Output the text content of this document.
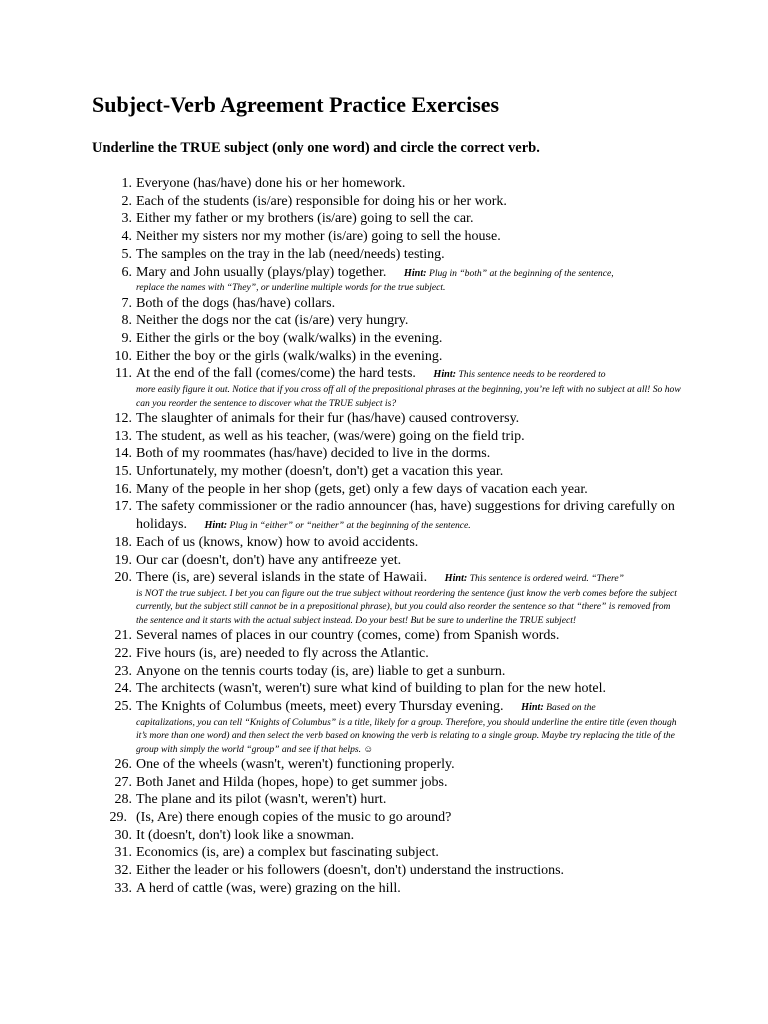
Subject-Verb Agreement Practice Exercises
Underline the TRUE subject (only one word) and circle the correct verb.
1. Everyone (has/have) done his or her homework.
2. Each of the students (is/are) responsible for doing his or her work.
3. Either my father or my brothers (is/are) going to sell the car.
4. Neither my sisters nor my mother (is/are) going to sell the house.
5. The samples on the tray in the lab (need/needs) testing.
6. Mary and John usually (plays/play) together. Hint: Plug in “both” at the beginning of the sentence,
replace the names with “They”, or underline multiple words for the true subject.
7. Both of the dogs (has/have) collars.
8. Neither the dogs nor the cat (is/are) very hungry.
9. Either the girls or the boy (walk/walks) in the evening.
10. Either the boy or the girls (walk/walks) in the evening.
11. At the end of the fall (comes/come) the hard tests. Hint: This sentence needs to be reordered to
more easily figure it out. Notice that if you cross off all of the prepositional phrases at the beginning, you’re left with no subject at all! So how can you reorder the sentence to discover what the TRUE subject is?
12. The slaughter of animals for their fur (has/have) caused controversy.
13. The student, as well as his teacher, (was/were) going on the field trip.
14. Both of my roommates (has/have) decided to live in the dorms.
15. Unfortunately, my mother (doesn't, don't) get a vacation this year.
16. Many of the people in her shop (gets, get) only a few days of vacation each year.
17. The safety commissioner or the radio announcer (has, have) suggestions for driving carefully on holidays. Hint: Plug in “either” or “neither” at the beginning of the sentence.
18. Each of us (knows, know) how to avoid accidents.
19. Our car (doesn't, don't) have any antifreeze yet.
20. There (is, are) several islands in the state of Hawaii. Hint: This sentence is ordered weird. “There”
is NOT the true subject. I bet you can figure out the true subject without reordering the sentence (just know the verb comes before the subject currently, but the subject still cannot be in a prepositional phrase), but you could also reorder the sentence so that “there” is removed from the sentence and it starts with the actual subject instead. Do your best! But be sure to underline the TRUE subject!
21. Several names of places in our country (comes, come) from Spanish words.
22. Five hours (is, are) needed to fly across the Atlantic.
23. Anyone on the tennis courts today (is, are) liable to get a sunburn.
24. The architects (wasn't, weren't) sure what kind of building to plan for the new hotel.
25. The Knights of Columbus (meets, meet) every Thursday evening. Hint: Based on the
capitalizations, you can tell “Knights of Columbus” is a title, likely for a group. Therefore, you should underline the entire title (even though it’s more than one word) and then select the verb based on knowing the verb is relating to a single group. Maybe try replacing the title of the group with simply the world “group” and see if that helps. ☺
26. One of the wheels (wasn't, weren't) functioning properly.
27. Both Janet and Hilda (hopes, hope) to get summer jobs.
28. The plane and its pilot (wasn't, weren't) hurt.
29. (Is, Are) there enough copies of the music to go around?
30. It (doesn't, don't) look like a snowman.
31. Economics (is, are) a complex but fascinating subject.
32. Either the leader or his followers (doesn't, don't) understand the instructions.
33. A herd of cattle (was, were) grazing on the hill.
